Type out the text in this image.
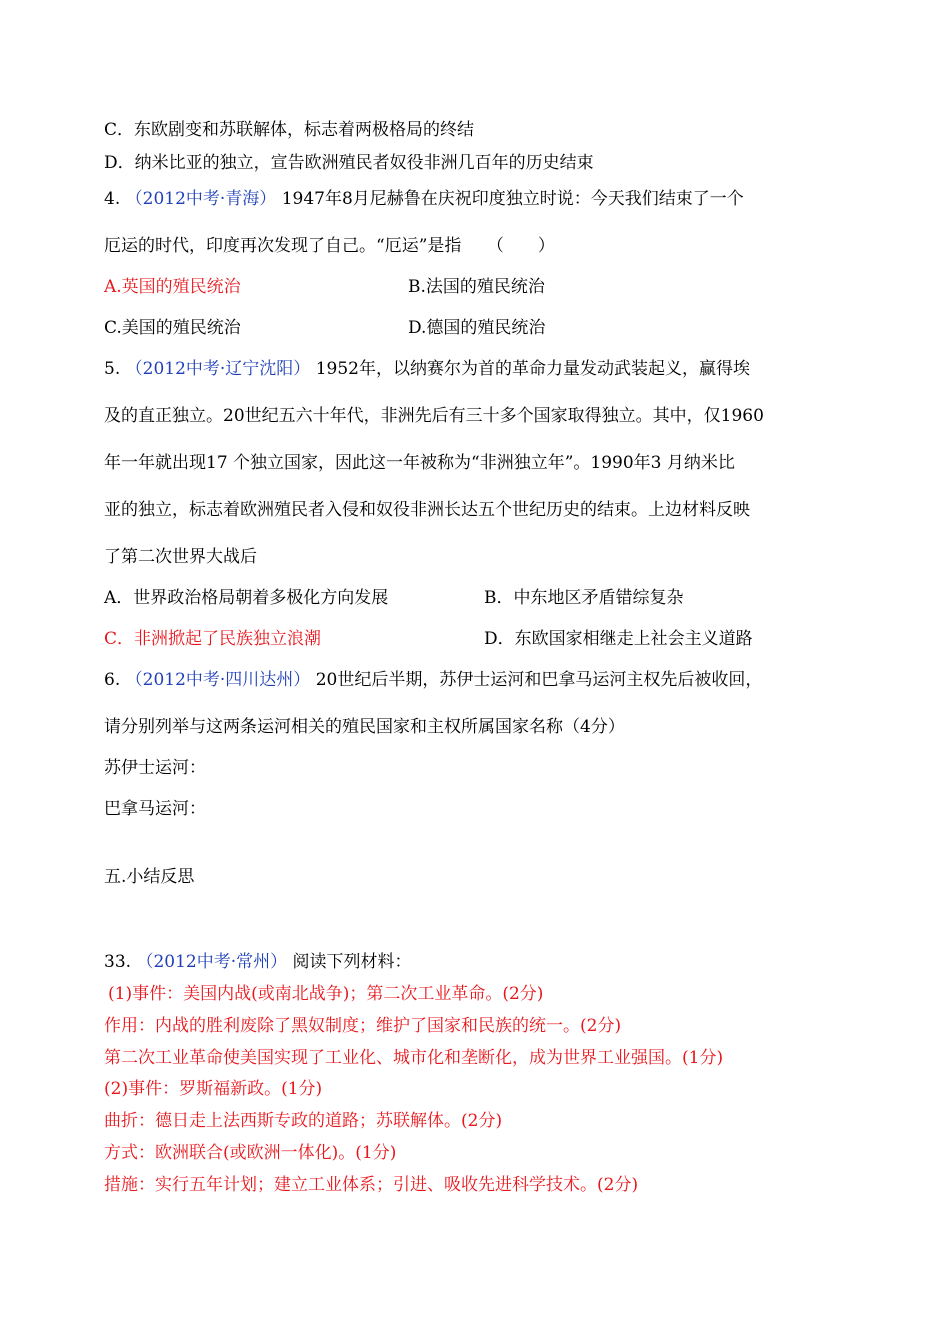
C．东欧剧变和苏联解体，标志着两极格局的终结
D．纳米比亚的独立，宣告欧洲殖民者奴役非洲几百年的历史结束
4. （2012中考·青海） 1947年8月尼赫鲁在庆祝印度独立时说：今天我们结束了一个
厄运的时代，印度再次发现了自己。“厄运”是指　　（　　）
A.英国的殖民统治	B.法国的殖民统治
C.美国的殖民统治	D.德国的殖民统治
5. （2012中考·辽宁沈阳） 1952年，以纳赛尔为首的革命力量发动武装起义，赢得埃
及的直正独立。20世纪五六十年代，非洲先后有三十多个国家取得独立。其中，仅1960
年一年就出现17 个独立国家，因此这一年被称为“非洲独立年”。1990年3 月纳米比
亚的独立，标志着欧洲殖民者入侵和奴役非洲长达五个世纪历史的结束。上边材料反映
了第二次世界大战后
A．世界政治格局朝着多极化方向发展	B．中东地区矛盾错综复杂
C．非洲掀起了民族独立浪潮	D．东欧国家相继走上社会主义道路
6. （2012中考·四川达州） 20世纪后半期，苏伊士运河和巴拿马运河主权先后被收回，
请分别列举与这两条运河相关的殖民国家和主权所属国家名称（4分）
苏伊士运河：
巴拿马运河：
五.小结反思
33. （2012中考·常州） 阅读下列材料：
(1)事件：美国内战(或南北战争)；第二次工业革命。(2分)
作用：内战的胜利废除了黑奴制度；维护了国家和民族的统一。(2分)
第二次工业革命使美国实现了工业化、城市化和垄断化，成为世界工业强国。(1分)
(2)事件：罗斯福新政。(1分)
曲折：德日走上法西斯专政的道路；苏联解体。(2分)
方式：欧洲联合(或欧洲一体化)。(1分)
措施：实行五年计划；建立工业体系；引进、吸收先进科学技术。(2分)
